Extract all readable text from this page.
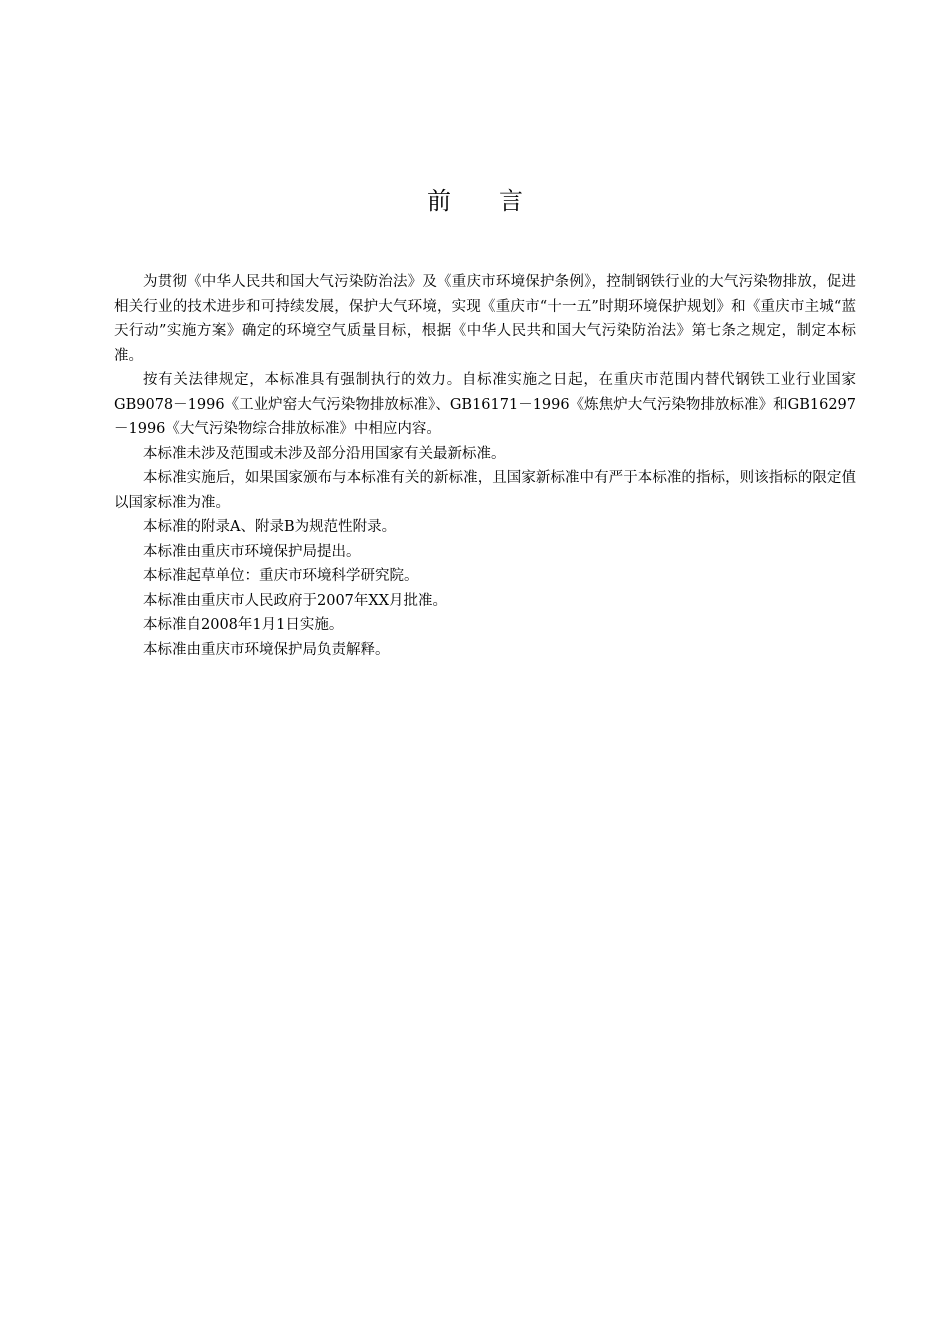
前　言

为贯彻《中华人民共和国大气污染防治法》及《重庆市环境保护条例》，控制钢铁行业的大气污染物排放，促进相关行业的技术进步和可持续发展，保护大气环境，实现《重庆市“十一五”时期环境保护规划》和《重庆市主城“蓝天行动”实施方案》确定的环境空气质量目标，根据《中华人民共和国大气污染防治法》第七条之规定，制定本标准。

按有关法律规定，本标准具有强制执行的效力。自标准实施之日起，在重庆市范围内替代钢铁工业行业国家GB9078－1996《工业炉窑大气污染物排放标准》、GB16171－1996《炼焦炉大气污染物排放标准》和GB16297－1996《大气污染物综合排放标准》中相应内容。

本标准未涉及范围或未涉及部分沿用国家有关最新标准。

本标准实施后，如果国家颁布与本标准有关的新标准，且国家新标准中有严于本标准的指标，则该指标的限定值以国家标准为准。

本标准的附录A、附录B为规范性附录。

本标准由重庆市环境保护局提出。

本标准起草单位：重庆市环境科学研究院。

本标准由重庆市人民政府于2007年XX月批准。

本标准自2008年1月1日实施。

本标准由重庆市环境保护局负责解释。
